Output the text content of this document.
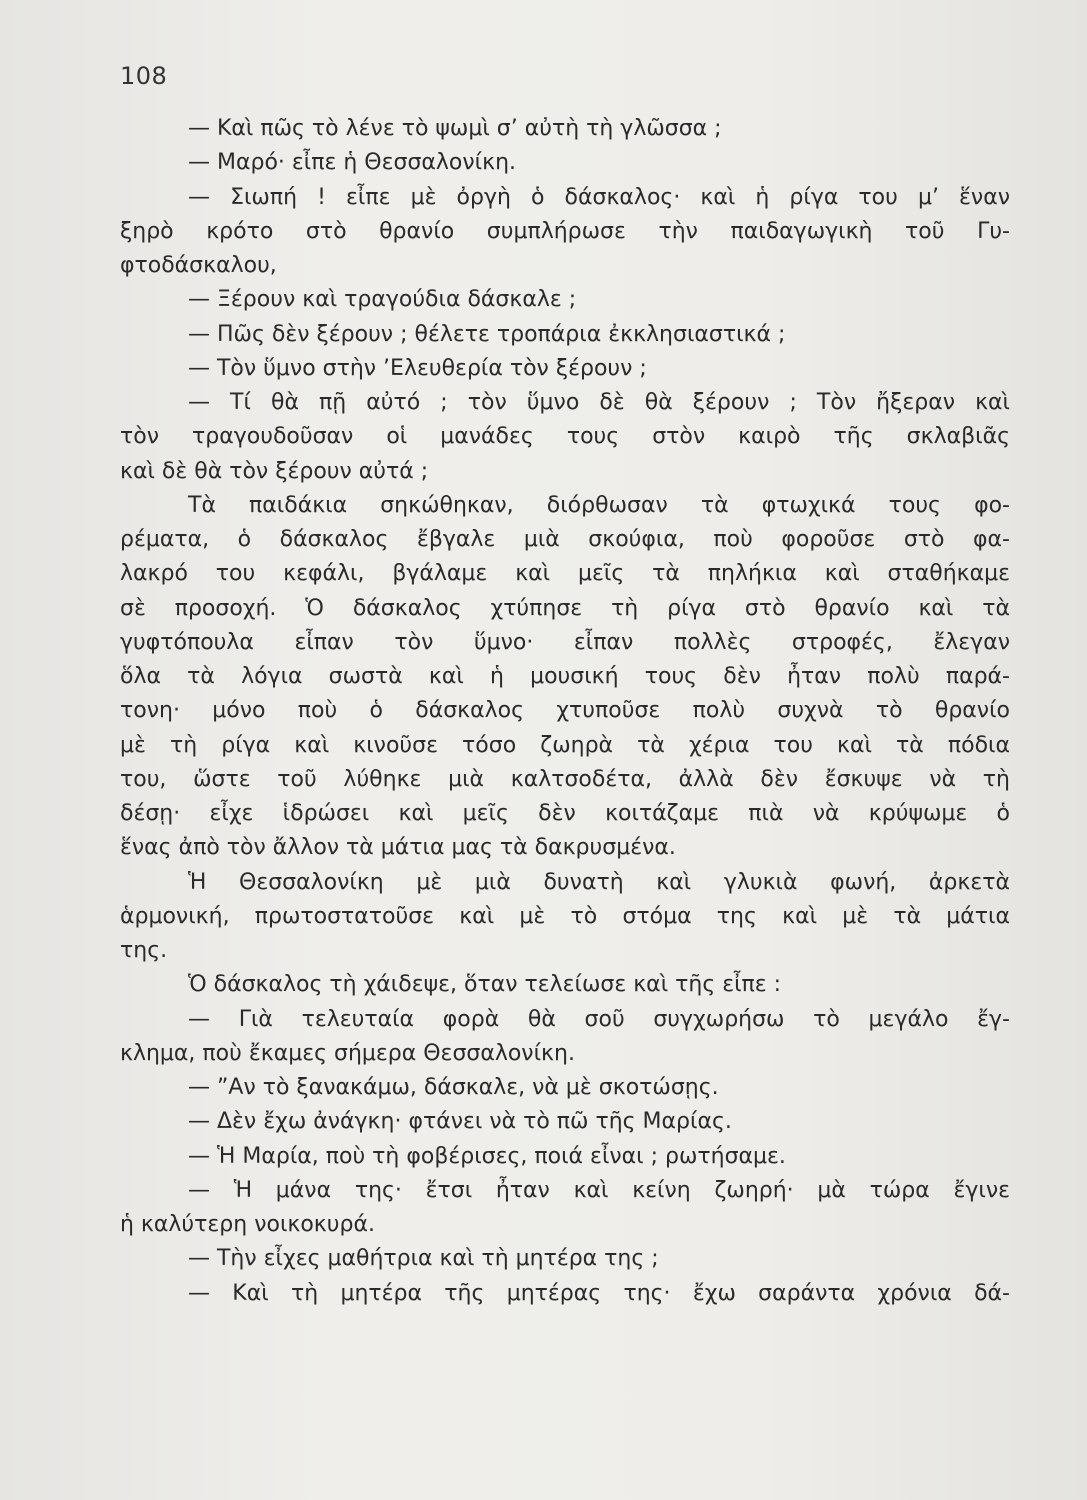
108
— Καὶ πῶς τὸ λένε τὸ ψωμὶ σ’ αὐτὴ τὴ γλῶσσα ;
— Μαρό· εἶπε ἡ Θεσσαλονίκη.
— Σιωπή ! εἶπε μὲ ὀργὴ ὁ δάσκαλος· καὶ ἡ ρίγα του μ’ ἕναν
ξηρὸ κρότο στὸ θρανίο συμπλήρωσε τὴν παιδαγωγικὴ τοῦ Γυ-
φτοδάσκαλου,
— Ξέρουν καὶ τραγούδια δάσκαλε ;
— Πῶς δὲν ξέρουν ; θέλετε τροπάρια ἐκκλησιαστικά ;
— Τὸν ὕμνο στὴν ’Ελευθερία τὸν ξέρουν ;
— Τί θὰ πῇ αὐτό ; τὸν ὕμνο δὲ θὰ ξέρουν ; Τὸν ἤξεραν καὶ
τὸν τραγουδοῦσαν οἱ μανάδες τους στὸν καιρὸ τῆς σκλαβιᾶς
καὶ δὲ θὰ τὸν ξέρουν αὐτά ;
Τὰ παιδάκια σηκώθηκαν, διόρθωσαν τὰ φτωχικά τους φο-
ρέματα, ὁ δάσκαλος ἔβγαλε μιὰ σκούφια, ποὺ φοροῦσε στὸ φα-
λακρό του κεφάλι, βγάλαμε καὶ μεῖς τὰ πηλήκια καὶ σταθήκαμε
σὲ προσοχή. Ὁ δάσκαλος χτύπησε τὴ ρίγα στὸ θρανίο καὶ τὰ
γυφτόπουλα εἶπαν τὸν ὕμνο· εἶπαν πολλὲς στροφές, ἔλεγαν
ὅλα τὰ λόγια σωστὰ καὶ ἡ μουσική τους δὲν ἦταν πολὺ παρά-
τονη· μόνο ποὺ ὁ δάσκαλος χτυποῦσε πολὺ συχνὰ τὸ θρανίο
μὲ τὴ ρίγα καὶ κινοῦσε τόσο ζωηρὰ τὰ χέρια του καὶ τὰ πόδια
του, ὥστε τοῦ λύθηκε μιὰ καλτσοδέτα, ἀλλὰ δὲν ἔσκυψε νὰ τὴ
δέσῃ· εἶχε ἱδρώσει καὶ μεῖς δὲν κοιτάζαμε πιὰ νὰ κρύψωμε ὁ
ἕνας ἀπὸ τὸν ἄλλον τὰ μάτια μας τὰ δακρυσμένα.
Ἡ Θεσσαλονίκη μὲ μιὰ δυνατὴ καὶ γλυκιὰ φωνή, ἀρκετὰ
ἁρμονική, πρωτοστατοῦσε καὶ μὲ τὸ στόμα της καὶ μὲ τὰ μάτια
της.
Ὁ δάσκαλος τὴ χάιδεψε, ὅταν τελείωσε καὶ τῆς εἶπε :
— Γιὰ τελευταία φορὰ θὰ σοῦ συγχωρήσω τὸ μεγάλο ἔγ-
κλημα, ποὺ ἔκαμες σήμερα Θεσσαλονίκη.
— ”Αν τὸ ξανακάμω, δάσκαλε, νὰ μὲ σκοτώσῃς.
— Δὲν ἔχω ἀνάγκη· φτάνει νὰ τὸ πῶ τῆς Μαρίας.
— Ἡ Μαρία, ποὺ τὴ φοβέρισες, ποιά εἶναι ; ρωτήσαμε.
— Ἡ μάνα της· ἔτσι ἦταν καὶ κείνη ζωηρή· μὰ τώρα ἔγινε
ἡ καλύτερη νοικοκυρά.
— Τὴν εἶχες μαθήτρια καὶ τὴ μητέρα της ;
— Καὶ τὴ μητέρα τῆς μητέρας της· ἔχω σαράντα χρόνια δά-
